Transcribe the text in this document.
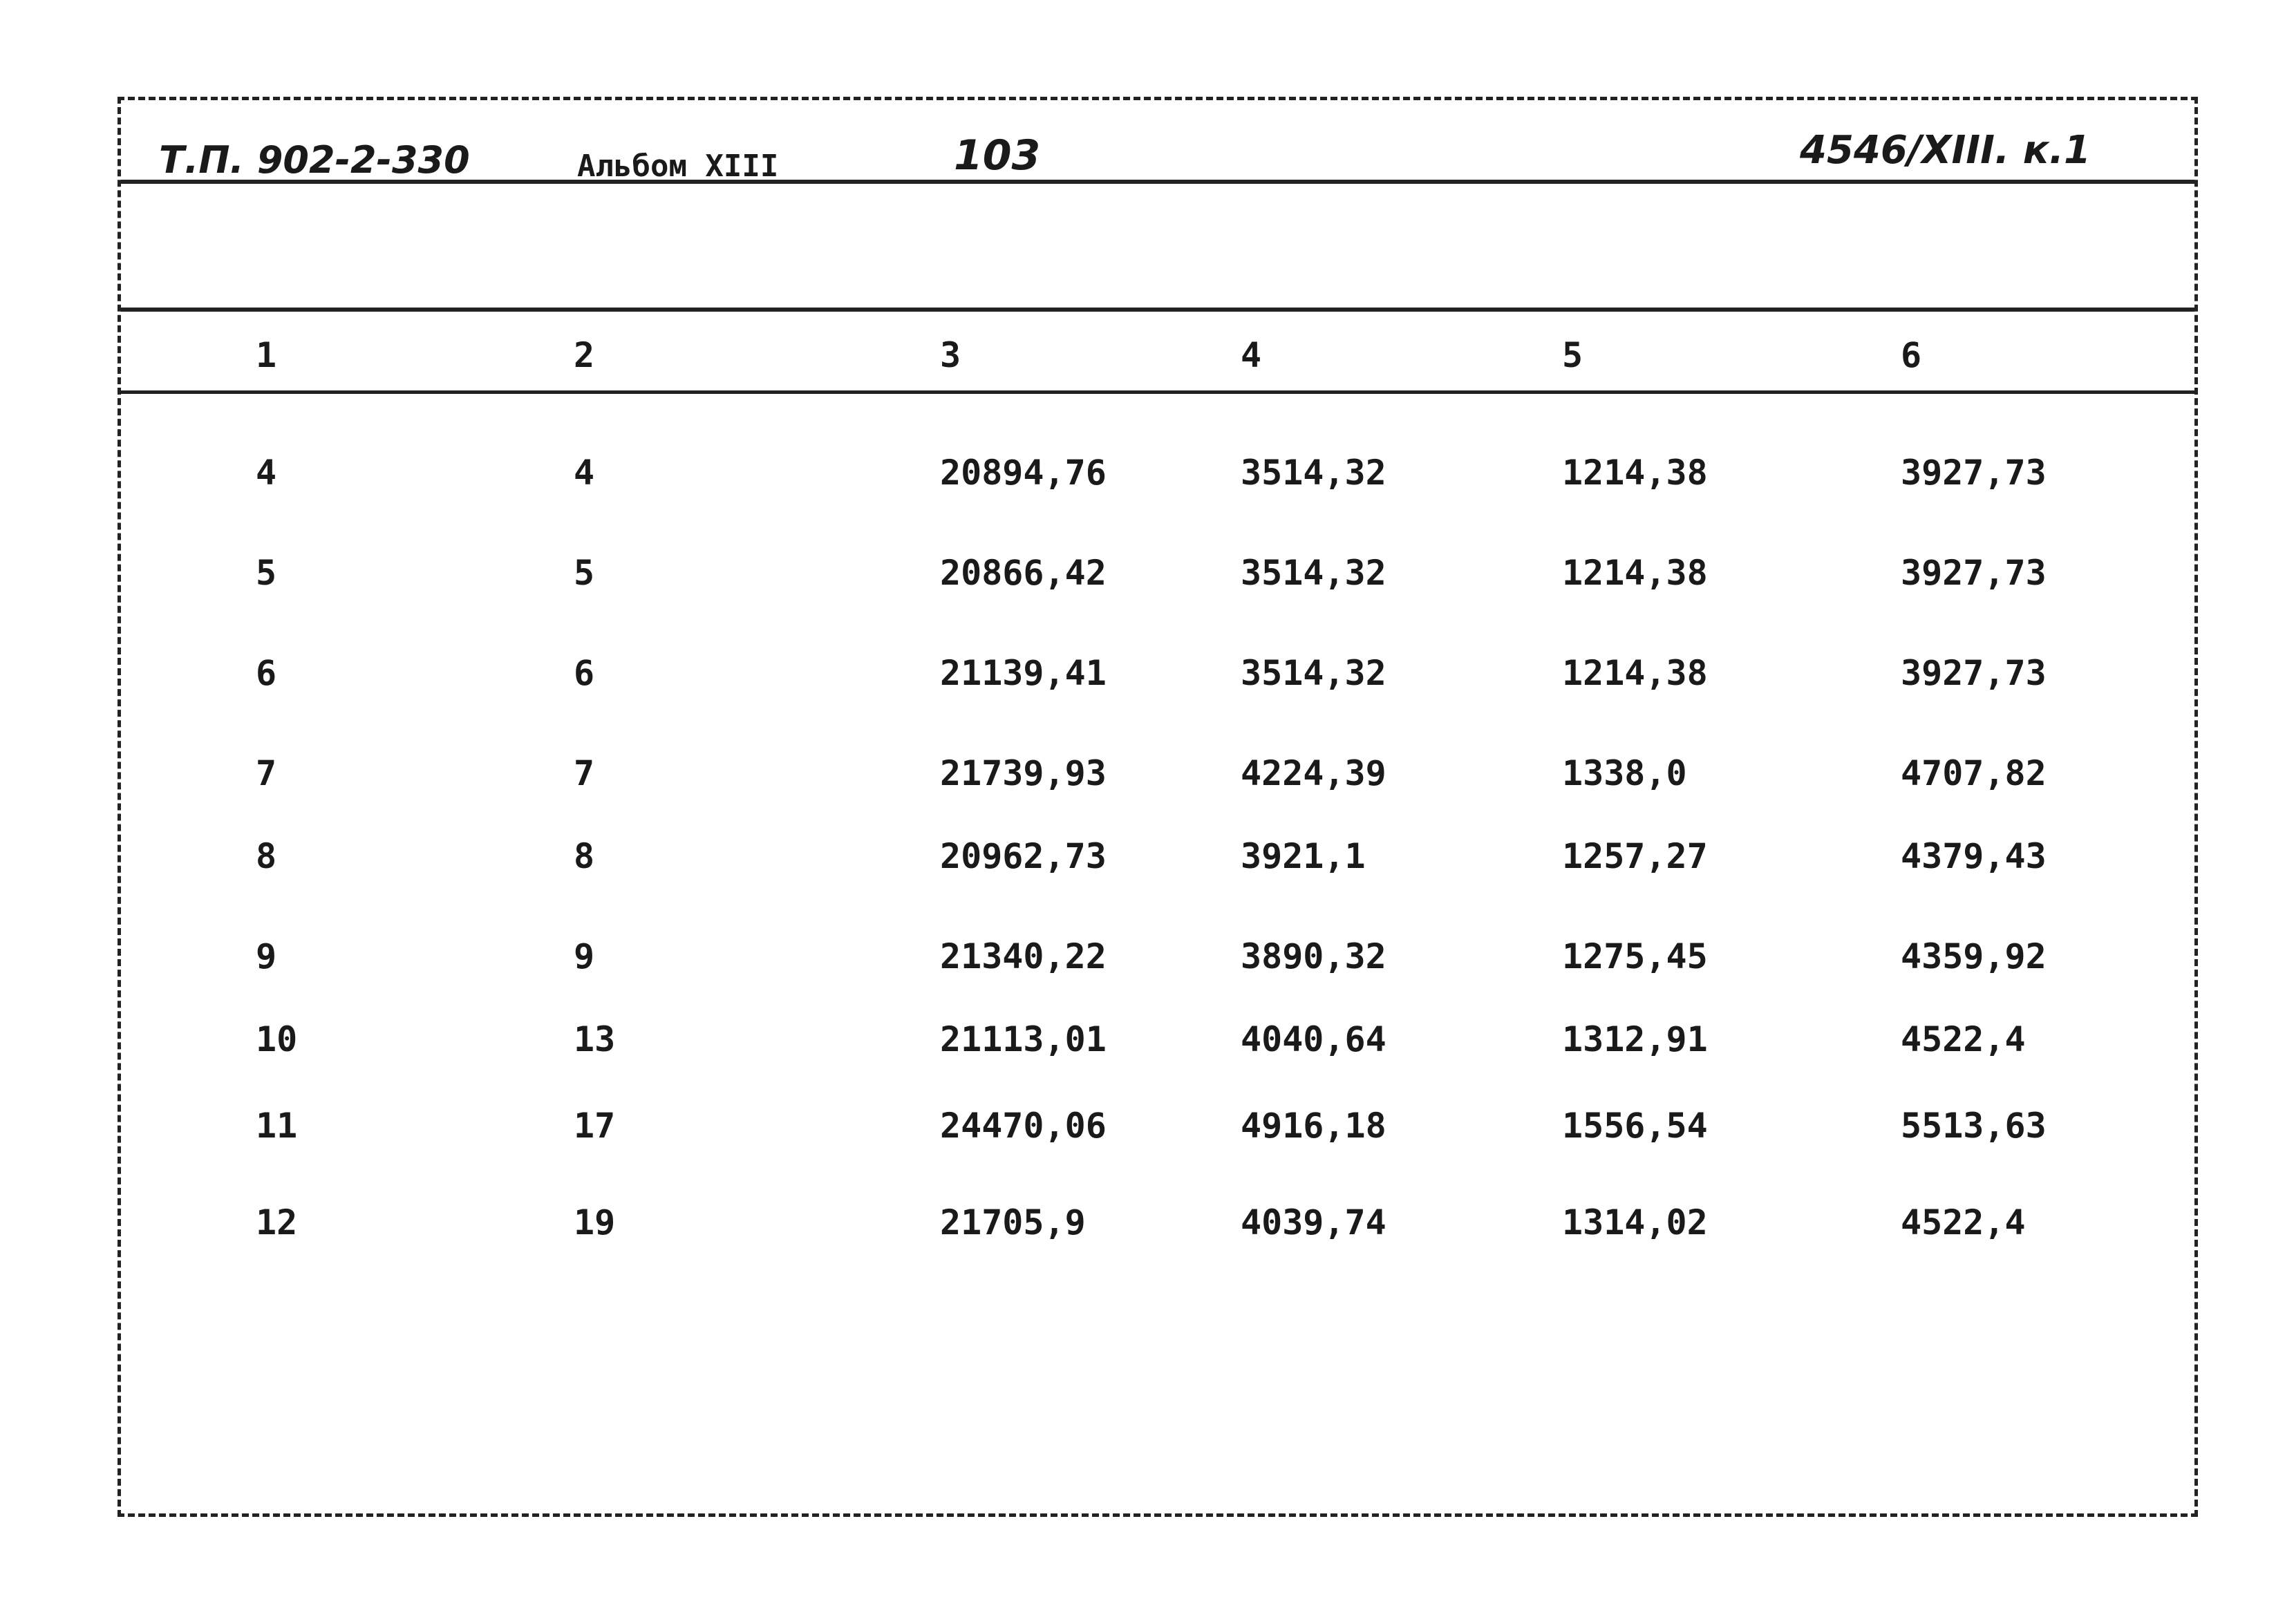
Т.П. 902-2-330	Альбом XIII	103	4546/XIII. к.1
1	2	3	4	5	6
4	4	20894,76	3514,32	1214,38	3927,73
5	5	20866,42	3514,32	1214,38	3927,73
6	6	21139,41	3514,32	1214,38	3927,73
7	7	21739,93	4224,39	1338,0	4707,82
8	8	20962,73	3921,1	1257,27	4379,43
9	9	21340,22	3890,32	1275,45	4359,92
10	13	21113,01	4040,64	1312,91	4522,4
11	17	24470,06	4916,18	1556,54	5513,63
12	19	21705,9	4039,74	1314,02	4522,4
